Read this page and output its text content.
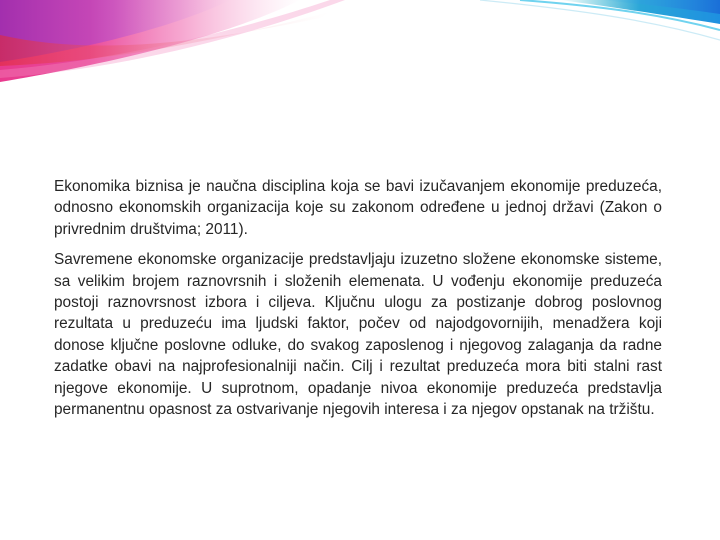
Ekonomika biznisa je naučna disciplina koja se bavi izučavanjem ekonomije preduzeća, odnosno ekonomskih organizacija koje su zakonom određene u jednoj državi (Zakon o privrednim društvima; 2011).

Savremene ekonomske organizacije predstavljaju izuzetno složene ekonomske sisteme, sa velikim brojem raznovrsnih i složenih elemenata. U vođenju ekonomije preduzeća postoji raznovrsnost izbora i ciljeva. Ključnu ulogu za postizanje dobrog poslovnog rezultata u preduzeću ima ljudski faktor, počev od najodgovornijih, menadžera koji donose ključne poslovne odluke, do svakog zaposlenog i njegovog zalaganja da radne zadatke obavi na najprofesionalniji način. Cilj i rezultat preduzeća mora biti stalni rast njegove ekonomije. U suprotnom, opadanje nivoa ekonomije preduzeća predstavlja permanentnu opasnost za ostvarivanje njegovih interesa i za njegov opstanak na tržištu.
